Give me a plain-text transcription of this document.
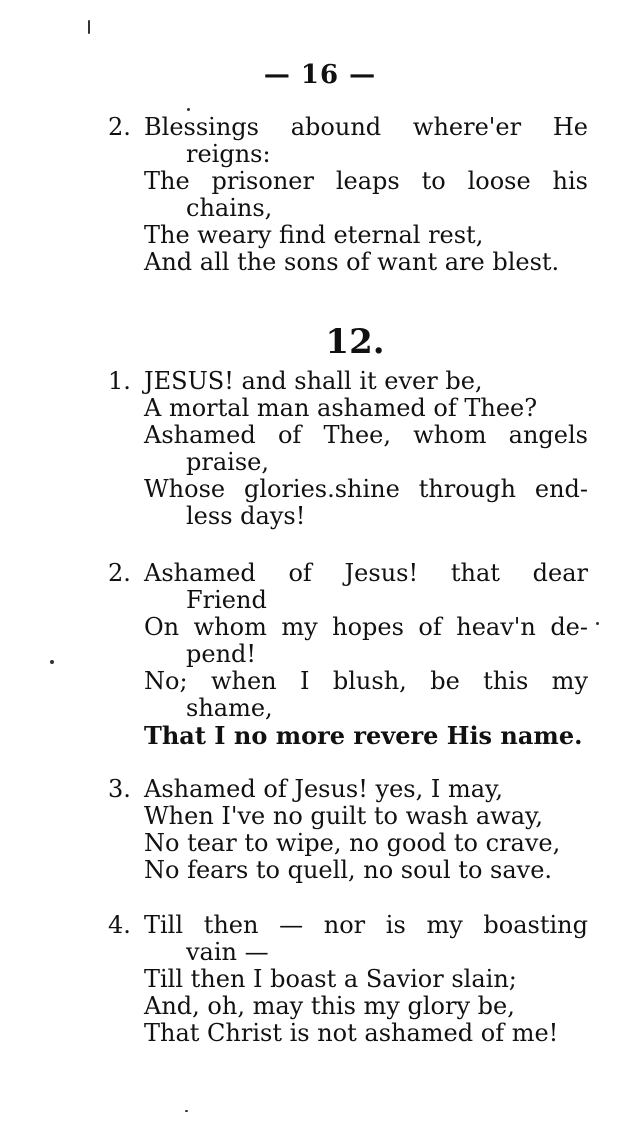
— 16 —
12.
2. Blessings abound where'er He
reigns:
The prisoner leaps to loose his
chains,
The weary find eternal rest,
And all the sons of want are blest.
1. JESUS! and shall it ever be,
A mortal man ashamed of Thee?
Ashamed of Thee, whom angels
praise,
Whose glories.shine through end-
less days!
2. Ashamed of Jesus! that dear
Friend
On whom my hopes of heav'n de-
pend!
No; when I blush, be this my
shame,
That I no more revere His name.
3. Ashamed of Jesus! yes, I may,
When I've no guilt to wash away,
No tear to wipe, no good to crave,
No fears to quell, no soul to save.
4. Till then — nor is my boasting
vain —
Till then I boast a Savior slain;
And, oh, may this my glory be,
That Christ is not ashamed of me!
